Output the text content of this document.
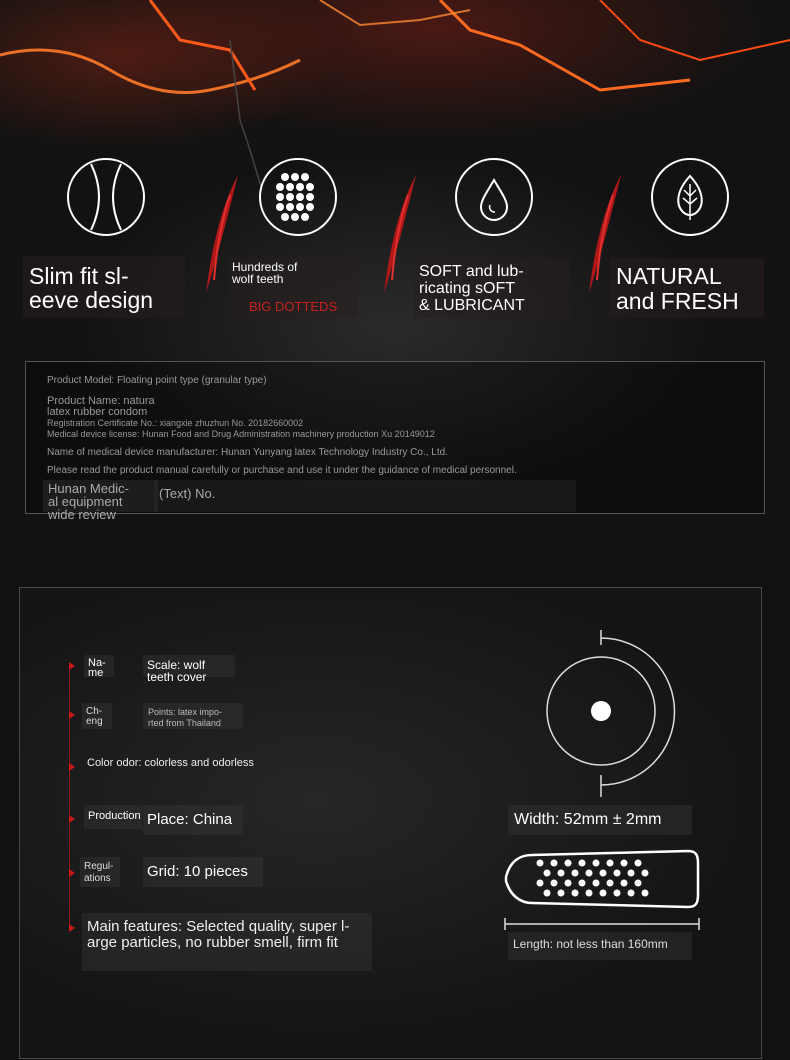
Slim fit sl-
eeve design
Hundreds of
wolf teeth
BIG DOTTEDS
SOFT and lub-
ricating sOFT
& LUBRICANT
NATURAL
and FRESH
Product Model: Floating point type (granular type)
Product Name: natura
latex rubber condom
Registration Certificate No.: xiangxie zhuzhun No. 20182660002
Medical device license: Hunan Food and Drug Administration machinery production Xu 20149012
Name of medical device manufacturer: Hunan Yunyang latex Technology Industry Co., Ltd.
Please read the product manual carefully or purchase and use it under the guidance of medical personnel.
Hunan Medic-
al equipment
wide review
(Text) No.
Na-
me
Scale: wolf
teeth cover
Ch-
eng
Points: latex impo-
rted from Thailand
Color odor: colorless and odorless
Production Place: China
Regul-
ations Grid: 10 pieces
Main features: Selected quality, super l-
arge particles, no rubber smell, firm fit
Width: 52mm ± 2mm
Length: not less than 160mm
